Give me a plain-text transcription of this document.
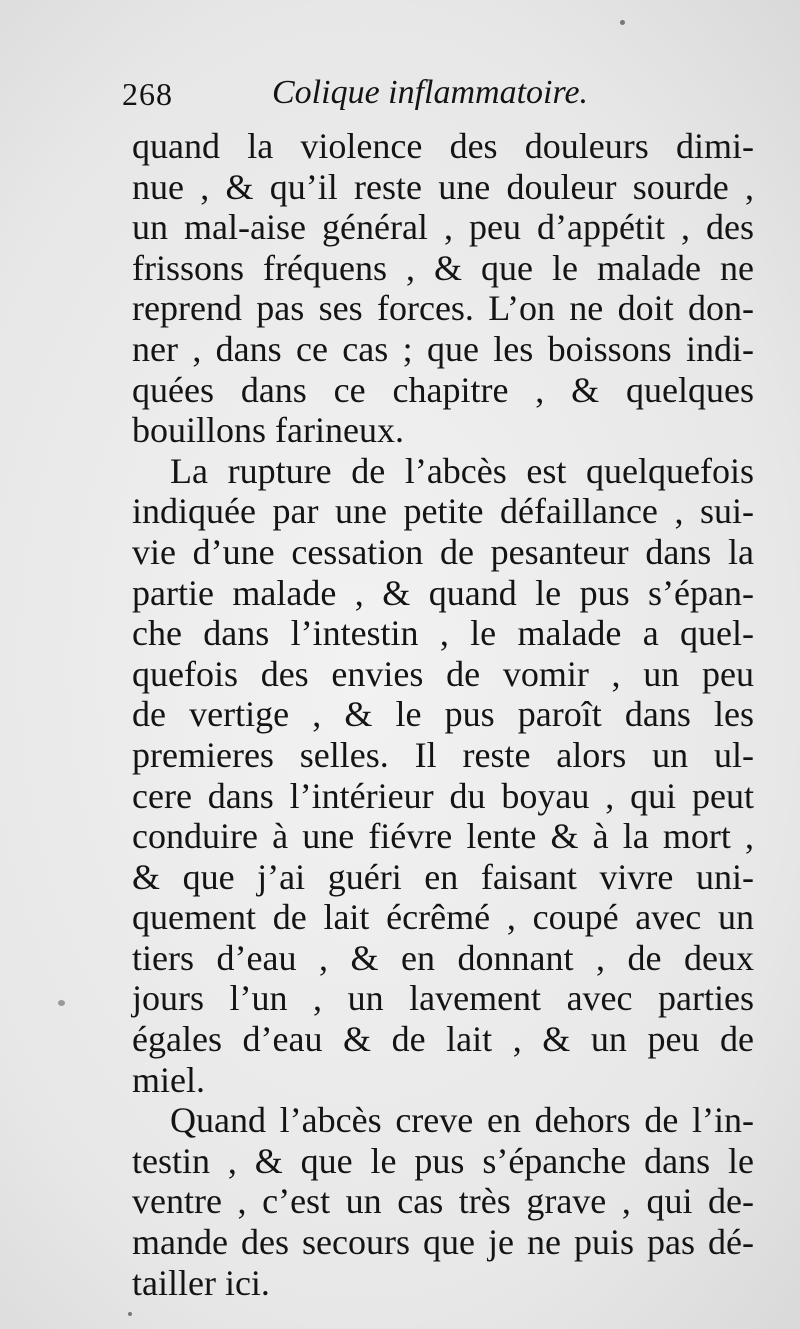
268	Colique inflammatoire.
quand la violence des douleurs dimi-
nue , & qu’il reste une douleur sourde ,
un mal-aise général , peu d’appétit , des
frissons fréquens , & que le malade ne
reprend pas ses forces. L’on ne doit don-
ner , dans ce cas ; que les boissons indi-
quées dans ce chapitre , & quelques
bouillons farineux.
La rupture de l’abcès est quelquefois
indiquée par une petite défaillance , sui-
vie d’une cessation de pesanteur dans la
partie malade , & quand le pus s’épan-
che dans l’intestin , le malade a quel-
quefois des envies de vomir , un peu
de vertige , & le pus paroît dans les
premieres selles. Il reste alors un ul-
cere dans l’intérieur du boyau , qui peut
conduire à une fiévre lente & à la mort ,
& que j’ai guéri en faisant vivre uni-
quement de lait écrêmé , coupé avec un
tiers d’eau , & en donnant , de deux
jours l’un , un lavement avec parties
égales d’eau & de lait , & un peu de
miel.
Quand l’abcès creve en dehors de l’in-
testin , & que le pus s’épanche dans le
ventre , c’est un cas très grave , qui de-
mande des secours que je ne puis pas dé-
tailler ici.
